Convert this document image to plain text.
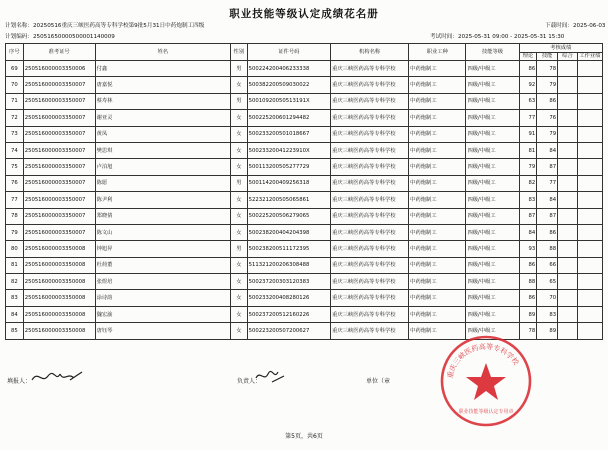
职业技能等级认定成绩花名册
计划名称：20250516重庆三峡医药高等专科学校第9批5月31日中药炮制工四级	下载时间：2025-06-03
计划编码：25051650000500001140009	考试时间：2025-05-31 09:00 - 2025-05-31 15:30
序号	准考证号	姓名	性别	证件号码	机构名称	职业工种	技能等级	考核成绩			
								理论	技能	综合	工作业绩
69	250516000003350006	付鑫	男	500224200406233338	重庆三峡医药高等专科学校	中药炮制工	四级/中级工	86	78		
70	250516000003350007	唐嘉悦	女	500382200509030022	重庆三峡医药高等专科学校	中药炮制工	四级/中级工	92	79		
71	250516000003350007	蔡寿林	男	50010920050513191X	重庆三峡医药高等专科学校	中药炮制工	四级/中级工	63	86		
72	250516000003350007	谢亚灵	女	500225200601294482	重庆三峡医药高等专科学校	中药炮制工	四级/中级工	77	76		
73	250516000003350007	黄凤	女	500233200501018667	重庆三峡医药高等专科学校	中药炮制工	四级/中级工	91	79		
74	250516000003350007	樊思琪	女	50023320041223910X	重庆三峡医药高等专科学校	中药炮制工	四级/中级工	81	84		
75	250516000003350007	卢泊旭	女	500113200505277729	重庆三峡医药高等专科学校	中药炮制工	四级/中级工	79	87		
76	250516000003350007	陈愿	男	500114200409256318	重庆三峡医药高等专科学校	中药炮制工	四级/中级工	82	77		
77	250516000003350007	陈尹利	女	522321200505065861	重庆三峡医药高等专科学校	中药炮制工	四级/中级工	83	84		
78	250516000003350007	郑晓倩	女	500225200506279065	重庆三峡医药高等专科学校	中药炮制工	四级/中级工	87	87		
79	250516000003350007	陈文山	女	500238200404204398	重庆三峡医药高等专科学校	中药炮制工	四级/中级工	84	86		
80	250516000003350008	钟旭昇	男	500238200511172395	重庆三峡医药高等专科学校	中药炮制工	四级/中级工	93	88		
81	250516000003350008	杜荷董	女	511321200206308488	重庆三峡医药高等专科学校	中药炮制工	四级/中级工	86	66		
82	250516000003350008	张煜培	女	500237200303120383	重庆三峡医药高等专科学校	中药炮制工	四级/中级工	88	65		
83	250516000003350008	涂诗韵	女	500233200408280126	重庆三峡医药高等专科学校	中药炮制工	四级/中级工	86	70		
84	250516000003350008	魏宏渝	女	500237200512160226	重庆三峡医药高等专科学校	中药炮制工	四级/中级工	89	83		
85	250516000003350008	唐钰琴	女	500223200507200627	重庆三峡医药高等专科学校	中药炮制工	四级/中级工	78	89		
填报人：	负责人：	单位（章
重庆三峡医药高等专科学校
职业技能等级认定专用章
第5页，共6页
